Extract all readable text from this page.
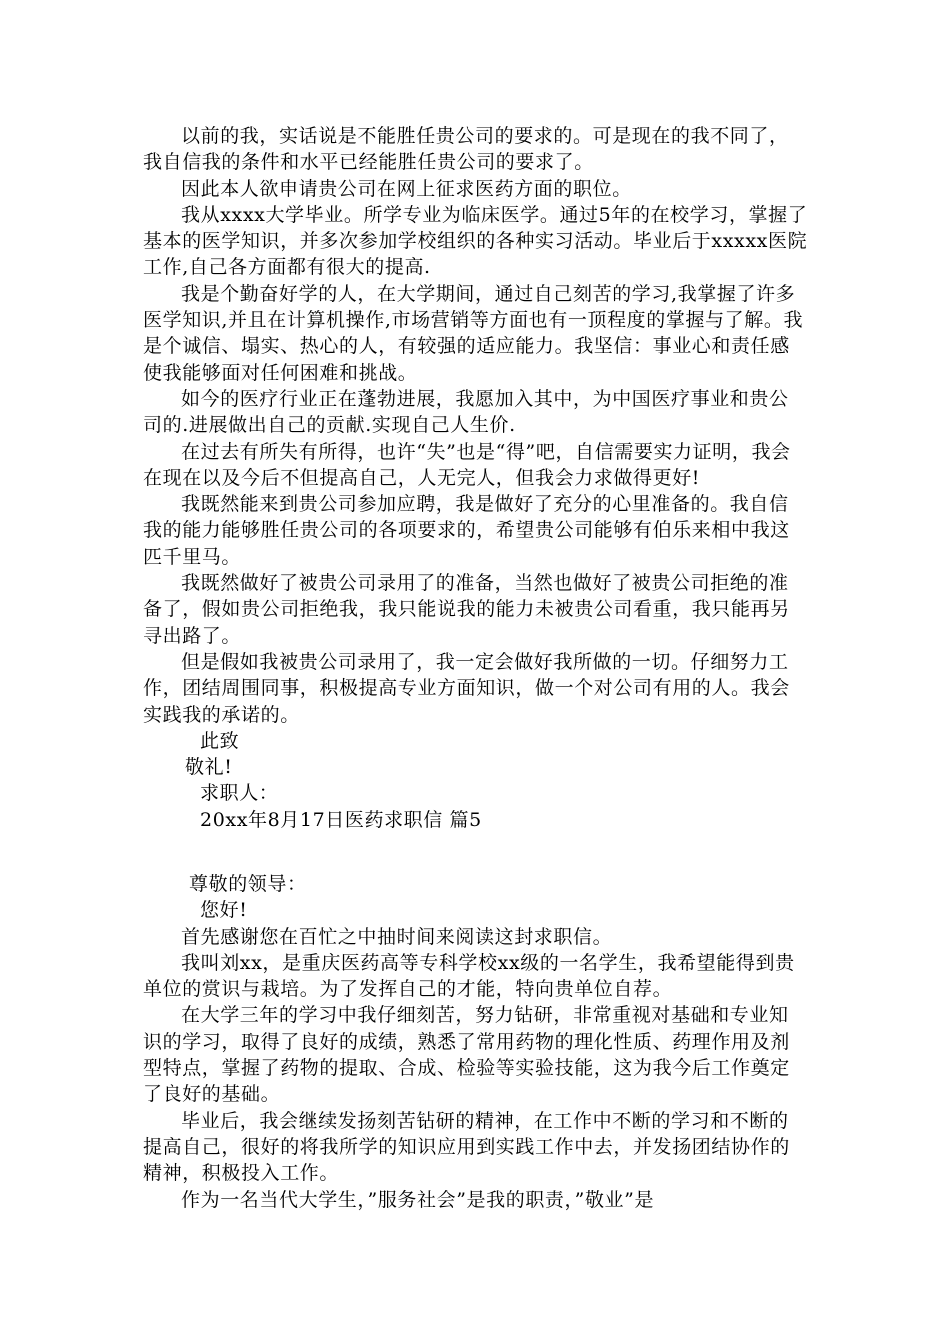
以前的我，实话说是不能胜任贵公司的要求的。可是现在的我不同了，我自信我的条件和水平已经能胜任贵公司的要求了。

因此本人欲申请贵公司在网上征求医药方面的职位。

我从xxxx大学毕业。所学专业为临床医学。通过5年的在校学习，掌握了基本的医学知识，并多次参加学校组织的各种实习活动。毕业后于xxxxx医院工作,自己各方面都有很大的提高.

我是个勤奋好学的人，在大学期间，通过自己刻苦的学习,我掌握了许多医学知识,并且在计算机操作,市场营销等方面也有一顶程度的掌握与了解。我是个诚信、塌实、热心的人，有较强的适应能力。我坚信：事业心和责任感使我能够面对任何困难和挑战。

如今的医疗行业正在蓬勃进展，我愿加入其中，为中国医疗事业和贵公司的.进展做出自己的贡献.实现自己人生价.

在过去有所失有所得，也许“失”也是“得”吧，自信需要实力证明，我会在现在以及今后不但提高自己，人无完人，但我会力求做得更好!

我既然能来到贵公司参加应聘，我是做好了充分的心里准备的。我自信我的能力能够胜任贵公司的各项要求的，希望贵公司能够有伯乐来相中我这匹千里马。

我既然做好了被贵公司录用了的准备，当然也做好了被贵公司拒绝的准备了，假如贵公司拒绝我，我只能说我的能力未被贵公司看重，我只能再另寻出路了。

但是假如我被贵公司录用了，我一定会做好我所做的一切。仔细努力工作，团结周围同事，积极提高专业方面知识，做一个对公司有用的人。我会实践我的承诺的。

此致

敬礼!

求职人：

20xx年8月17日医药求职信 篇5

尊敬的领导：

您好!

首先感谢您在百忙之中抽时间来阅读这封求职信。

我叫刘xx，是重庆医药高等专科学校xx级的一名学生，我希望能得到贵单位的赏识与栽培。为了发挥自己的才能，特向贵单位自荐。

在大学三年的学习中我仔细刻苦，努力钻研，非常重视对基础和专业知识的学习，取得了良好的成绩，熟悉了常用药物的理化性质、药理作用及剂型特点，掌握了药物的提取、合成、检验等实验技能，这为我今后工作奠定了良好的基础。

毕业后，我会继续发扬刻苦钻研的精神，在工作中不断的学习和不断的提高自己，很好的将我所学的知识应用到实践工作中去，并发扬团结协作的精神，积极投入工作。

作为一名当代大学生，”服务社会”是我的职责，”敬业”是
